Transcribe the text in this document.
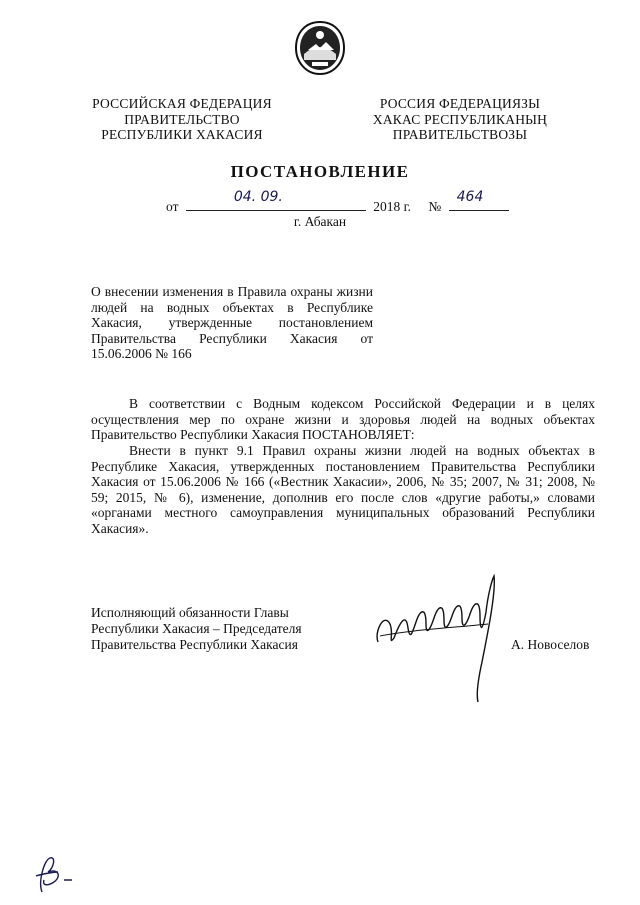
РОССИЙСКАЯ ФЕДЕРАЦИЯ
ПРАВИТЕЛЬСТВО
РЕСПУБЛИКИ ХАКАСИЯ
РОССИЯ ФЕДЕРАЦИЯЗЫ
ХАКАС РЕСПУБЛИКАНЫҢ
ПРАВИТЕЛЬСТВОЗЫ
ПОСТАНОВЛЕНИЕ
от
04. 09.
2018 г. №
464
г. Абакан
О внесении изменения в Правила охраны жизни людей на водных объектах в Республике Хакасия, утвержденные постановлением Правительства Республики Хакасия от 15.06.2006 № 166
В соответствии с Водным кодексом Российской Федерации и в целях осуществления мер по охране жизни и здоровья людей на водных объектах Правительство Республики Хакасия ПОСТАНОВЛЯЕТ:
Внести в пункт 9.1 Правил охраны жизни людей на водных объектах в Республике Хакасия, утвержденных постановлением Правительства Республики Хакасия от 15.06.2006 № 166 («Вестник Хакасии», 2006, № 35; 2007, № 31; 2008, № 59; 2015, № 6), изменение, дополнив его после слов «другие работы,» словами «органами местного самоуправления муниципальных образований Республики Хакасия».
Исполняющий обязанности Главы
Республики Хакасия – Председателя
Правительства Республики Хакасия	А. Новоселов
